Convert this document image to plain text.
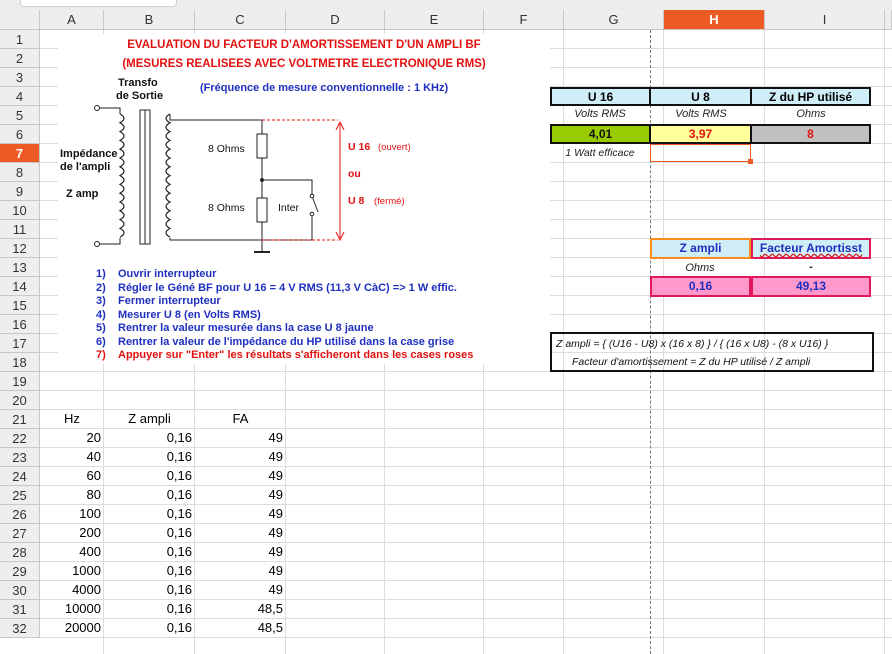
A	B	C	D	E	F	G	H	I
1
2
3
4
5
6
7
8
9
10
11
12
13
14
15
16
17
18
19
20
21
22
23
24
25
26
27
28
29
30
31
32
EVALUATION DU FACTEUR D'AMORTISSEMENT D'UN AMPLI BF
(MESURES REALISEES AVEC VOLTMETRE ELECTRONIQUE RMS)
Transfo
de Sortie
(Fréquence de mesure conventionnelle : 1 KHz)
Impédance
de l'ampli
Z amp
8 Ohms
8 Ohms	Inter
U 16 (ouvert)
ou
U 8 (fermé)
1) Ouvrir interrupteur
2) Régler le Géné BF pour U 16 = 4 V RMS (11,3 V CàC) => 1 W effic.
3) Fermer interrupteur
4) Mesurer U 8 (en Volts RMS)
5) Rentrer la valeur mesurée dans la case U 8 jaune
6) Rentrer la valeur de l'impédance du HP utilisé dans la case grise
7) Appuyer sur "Enter" les résultats s'afficheront dans les cases roses
U 16	U 8	Z du HP utilisé
Volts RMS	Volts RMS	Ohms
4,01	3,97	8
1 Watt efficace
Z ampli	Facteur Amortisst
Ohms	-
0,16	49,13
Z ampli = { (U16 - U8) x (16 x 8) } / { (16 x U8) - (8 x U16) }
Facteur d'amortissement = Z du HP utilisé / Z ampli
Hz	Z ampli	FA
20	0,16	49
40	0,16	49
60	0,16	49
80	0,16	49
100	0,16	49
200	0,16	49
400	0,16	49
1000	0,16	49
4000	0,16	49
10000	0,16	48,5
20000	0,16	48,5
